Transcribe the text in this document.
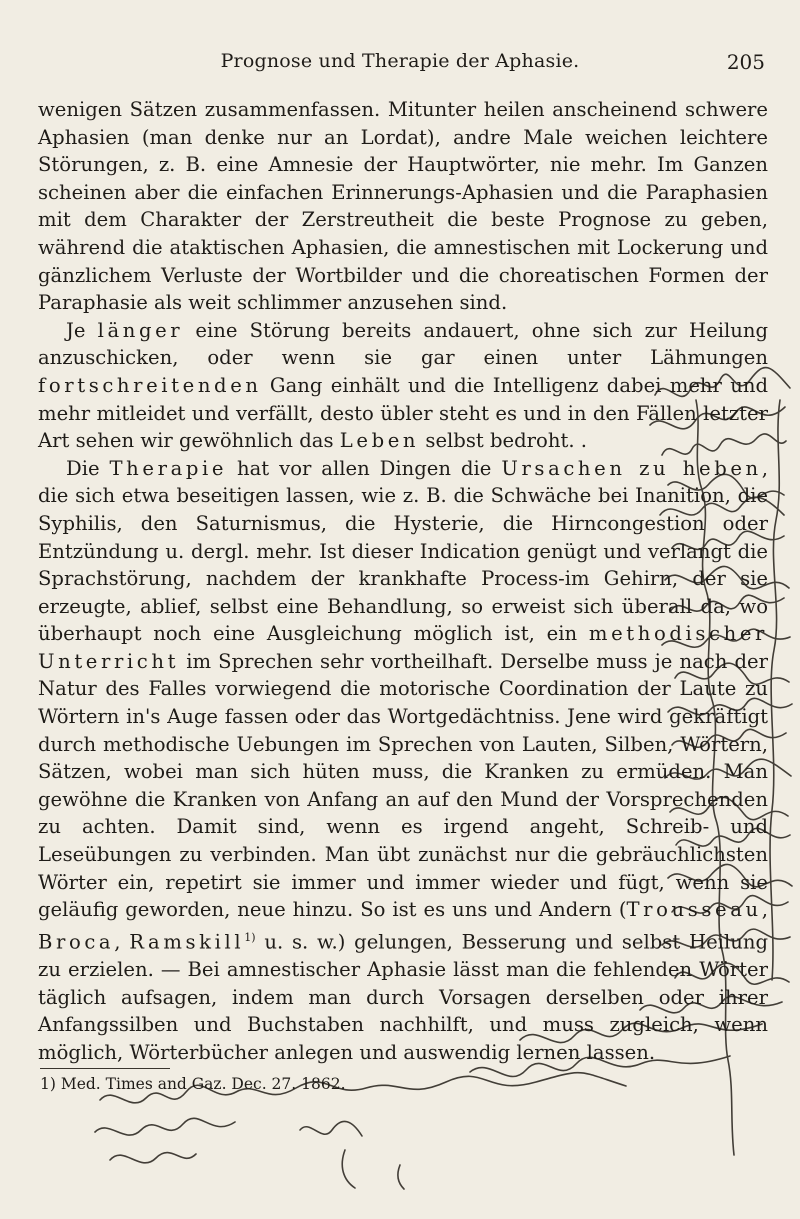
Prognose und Therapie der Aphasie.	205

wenigen Sätzen zusammenfassen. Mitunter heilen anscheinend schwere Aphasien (man denke nur an Lordat), andre Male weichen leichtere Störungen, z. B. eine Amnesie der Hauptwörter, nie mehr. Im Ganzen scheinen aber die einfachen Erinnerungs-Aphasien und die Paraphasien mit dem Charakter der Zerstreutheit die beste Prognose zu geben, während die ataktischen Aphasien, die amnestischen mit Lockerung und gänzlichem Verluste der Wortbilder und die choreatischen Formen der Paraphasie als weit schlimmer anzusehen sind.

Je länger eine Störung bereits andauert, ohne sich zur Heilung anzuschicken, oder wenn sie gar einen unter Lähmungen fortschreitenden Gang einhält und die Intelligenz dabei mehr und mehr mitleidet und verfällt, desto übler steht es und in den Fällen letzter Art sehen wir gewöhnlich das Leben selbst bedroht. .

Die Therapie hat vor allen Dingen die Ursachen zu heben, die sich etwa beseitigen lassen, wie z. B. die Schwäche bei Inanition, die Syphilis, den Saturnismus, die Hysterie, die Hirncongestion oder Entzündung u. dergl. mehr. Ist dieser Indication genügt und verlangt die Sprachstörung, nachdem der krankhafte Process-im Gehirn, der sie erzeugte, ablief, selbst eine Behandlung, so erweist sich überall da, wo überhaupt noch eine Ausgleichung möglich ist, ein methodischer Unterricht im Sprechen sehr vortheilhaft. Derselbe muss je nach der Natur des Falles vorwiegend die motorische Coordination der Laute zu Wörtern in's Auge fassen oder das Wortgedächtniss. Jene wird gekräftigt durch methodische Uebungen im Sprechen von Lauten, Silben, Wörtern, Sätzen, wobei man sich hüten muss, die Kranken zu ermüden. Man gewöhne die Kranken von Anfang an auf den Mund der Vorsprechenden zu achten. Damit sind, wenn es irgend angeht, Schreib- und Leseübungen zu verbinden. Man übt zunächst nur die gebräuchlichsten Wörter ein, repetirt sie immer und immer wieder und fügt, wenn sie geläufig geworden, neue hinzu. So ist es uns und Andern (Trousseau, Broca, Ramskill$^{1)}$ u. s. w.) gelungen, Besserung und selbst Heilung zu erzielen. — Bei amnestischer Aphasie lässt man die fehlenden Wörter täglich aufsagen, indem man durch Vorsagen derselben oder ihrer Anfangssilben und Buchstaben nachhilft, und muss zugleich, wenn möglich, Wörterbücher anlegen und auswendig lernen lassen.

1) Med. Times and Gaz. Dec. 27. 1862.
